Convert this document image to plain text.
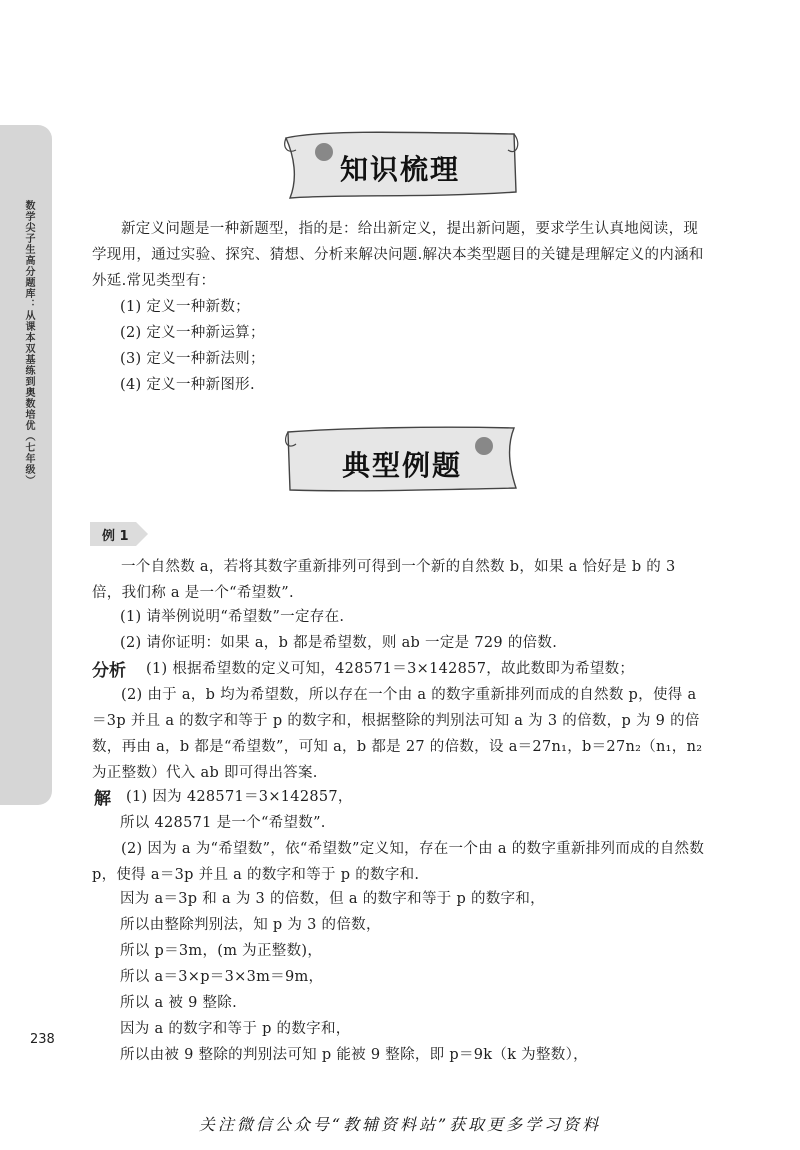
数学尖子生高分题库：从课本双基练到奥数培优（七年级）
知识梳理
新定义问题是一种新题型，指的是：给出新定义，提出新问题，要求学生认真地阅读，现学现用，通过实验、探究、猜想、分析来解决问题.解决本类型题目的关键是理解定义的内涵和外延.常见类型有：
(1) 定义一种新数；
(2) 定义一种新运算；
(3) 定义一种新法则；
(4) 定义一种新图形.
典型例题
例 1
一个自然数 a，若将其数字重新排列可得到一个新的自然数 b，如果 a 恰好是 b 的 3 倍，我们称 a 是一个“希望数”.
(1) 请举例说明“希望数”一定存在.
(2) 请你证明：如果 a，b 都是希望数，则 ab 一定是 729 的倍数.
分析 (1) 根据希望数的定义可知，428571＝3×142857，故此数即为希望数；
(2) 由于 a，b 均为希望数，所以存在一个由 a 的数字重新排列而成的自然数 p，使得 a＝3p 并且 a 的数字和等于 p 的数字和，根据整除的判别法可知 a 为 3 的倍数，p 为 9 的倍数，再由 a，b 都是“希望数”，可知 a，b 都是 27 的倍数，设 a＝27n₁，b＝27n₂（n₁，n₂ 为正整数）代入 ab 即可得出答案.
解 (1) 因为 428571＝3×142857，
所以 428571 是一个“希望数”.
(2) 因为 a 为“希望数”，依“希望数”定义知，存在一个由 a 的数字重新排列而成的自然数 p，使得 a＝3p 并且 a 的数字和等于 p 的数字和.
因为 a＝3p 和 a 为 3 的倍数，但 a 的数字和等于 p 的数字和，
所以由整除判别法，知 p 为 3 的倍数，
所以 p＝3m，(m 为正整数)，
所以 a＝3×p＝3×3m＝9m，
所以 a 被 9 整除.
因为 a 的数字和等于 p 的数字和，
所以由被 9 整除的判别法可知 p 能被 9 整除，即 p＝9k（k 为整数），
238
关注微信公众号“教辅资料站”获取更多学习资料
